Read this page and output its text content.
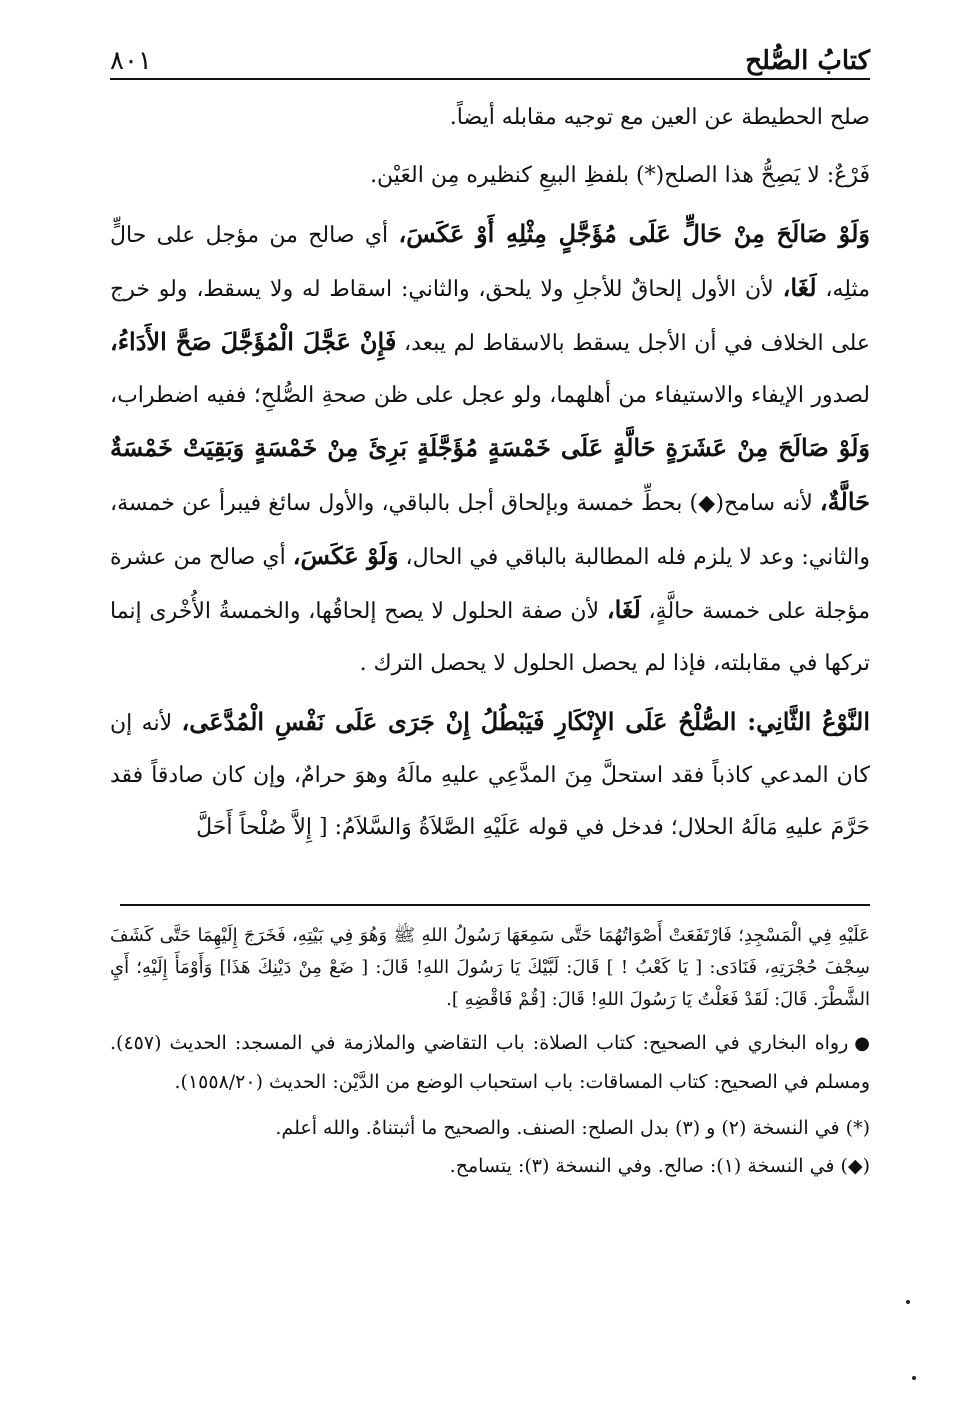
كتابُ الصُّلح
٨٠١

صلح الحطيطة عن العين مع توجيه مقابله أيضاً.

فَرْعٌ: لا يَصِحُّ هذا الصلح(*) بلفظِ البيعِ كنظيره مِن العَيْن.

وَلَوْ صَالَحَ مِنْ حَالٍّ عَلَى مُؤَجَّلٍ مِثْلِهِ أَوْ عَكَسَ، أي صالح من مؤجل على حالٍّ مثلِه، لَغَا، لأن الأول إلحاقٌ للأجلِ ولا يلحق، والثاني: اسقاط له ولا يسقط، ولو خرج على الخلاف في أن الأجل يسقط بالاسقاط لم يبعد، فَإِنْ عَجَّلَ الْمُؤَجَّلَ صَحَّ الأَدَاءُ، لصدور الإيفاء والاستيفاء من أهلهما، ولو عجل على ظن صحةِ الصُّلحِ؛ ففيه اضطراب، وَلَوْ صَالَحَ مِنْ عَشَرَةٍ حَالَّةٍ عَلَى خَمْسَةٍ مُؤَجَّلَةٍ بَرِئَ مِنْ خَمْسَةٍ وَبَقِيَتْ خَمْسَةٌ حَالَّةٌ، لأنه سامح(◆) بحطِّ خمسة وبإلحاق أجل بالباقي، والأول سائغ فيبرأ عن خمسة، والثاني: وعد لا يلزم فله المطالبة بالباقي في الحال، وَلَوْ عَكَسَ، أي صالح من عشرة مؤجلة على خمسة حالَّةٍ، لَغَا، لأن صفة الحلول لا يصح إلحاقُها، والخمسةُ الأُخْرى إنما تركها في مقابلته، فإذا لم يحصل الحلول لا يحصل الترك .

النَّوْعُ الثَّانِي: الصُّلْحُ عَلَى الإِنْكَارِ فَيَبْطُلُ إِنْ جَرَى عَلَى نَفْسِ الْمُدَّعَى، لأنه إن كان المدعي كاذباً فقد استحلَّ مِنَ المدَّعِي عليهِ مالَهُ وهوَ حرامٌ، وإن كان صادقاً فقد حَرَّمَ عليهِ مَالَهُ الحلال؛ فدخل في قوله عَلَيْهِ الصَّلاَةُ وَالسَّلاَمُ: [ إِلاَّ صُلْحاً أَحَلَّ

عَلَيْهِ فِي الْمَسْجِدِ؛ فَارْتَفَعَتْ أَصْوَاتُهُمَا حَتَّى سَمِعَهَا رَسُولُ اللهِ ﷺ وَهُوَ فِي بَيْتِهِ، فَخَرَجَ إِلَيْهِمَا حَتَّى كَشَفَ سِجْفَ حُجْرَتِهِ، فَنَادَى: [ يَا كَعْبُ ! ] قَالَ: لَبَّيْكَ يَا رَسُولَ اللهِ! قَالَ: [ ضَعْ مِنْ دَيْنِكَ هَذَا] وَأَوْمَأَ إِلَيْهِ؛ أَيِ الشَّطْرَ. قَالَ: لَقَدْ فَعَلْتُ يَا رَسُولَ اللهِ! قَالَ: [قُمْ فَاقْضِهِ ].

●رواه البخاري في الصحيح: كتاب الصلاة: باب التقاضي والملازمة في المسجد: الحديث (٤٥٧). ومسلم في الصحيح: كتاب المساقات: باب استحباب الوضع من الدَّيْن: الحديث (١٥٥٨/٢٠).

(*) في النسخة (٢) و (٣) بدل الصلح: الصنف. والصحيح ما أثبتناهُ. والله أعلم.

(◆) في النسخة (١): صالح. وفي النسخة (٣): يتسامح.
